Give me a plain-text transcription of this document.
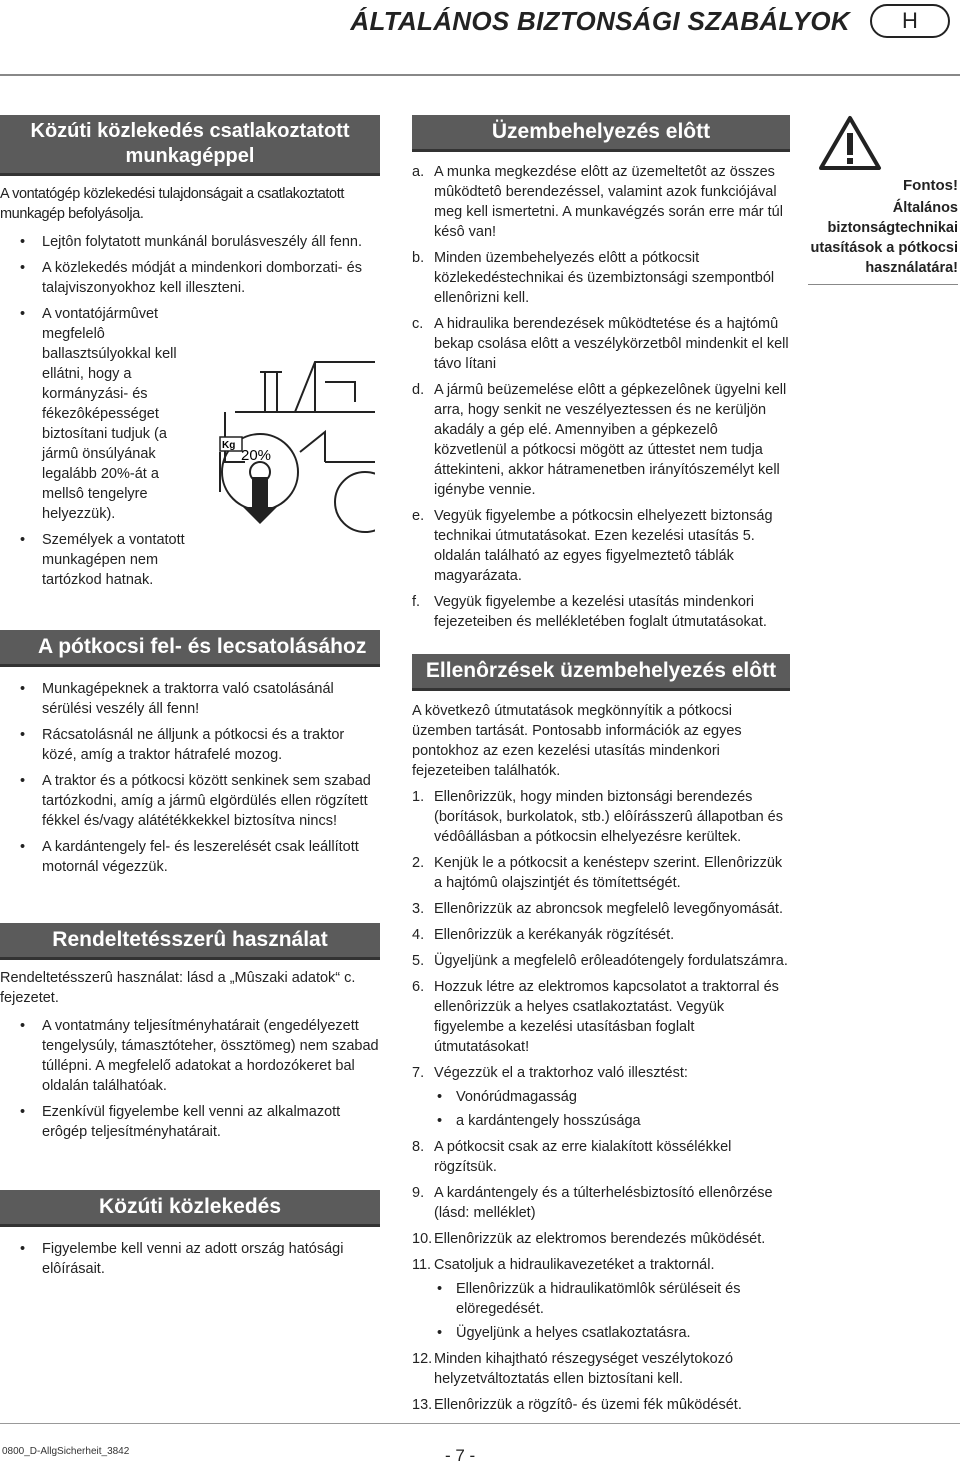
ÁLTALÁNOS BIZTONSÁGI SZABÁLYOK	H
Közúti közlekedés csatlakoztatott munkagéppel

A vontatógép közlekedési tulajdonságait a csatlakoztatott munkagép befolyásolja.

• Lejtôn folytatott munkánál borulásveszély áll fenn.
• A közlekedés módját a mindenkori domborzati- és talajviszonyokhoz kell illeszteni.
• A vontatójármûvet megfelelô ballasztsúlyokkal kell ellátni, hogy a kormányzási- és fékezôképességet biztosítani tudjuk (a jármû önsúlyának legalább 20%-át a mellsô tengelyre helyezzük).
• Személyek a vontatott munkagépen nem tartózkod hatnak.
Kg
20%
A pótkocsi fel- és lecsatolásához
• Munkagépeknek a traktorra való csatolásánál sérülési veszély áll fenn!
• Rácsatolásnál ne álljunk a pótkocsi és a traktor közé, amíg a traktor hátrafelé mozog.
• A traktor és a pótkocsi között senkinek sem szabad tartózkodni, amíg a jármû elgördülés ellen rögzített fékkel és/vagy alátétékkekkel biztosítva nincs!
• A kardántengely fel- és leszerelését csak leállított motornál végezzük.
Rendeltetésszerû használat

Rendeltetésszerû használat: lásd a „Mûszaki adatok“ c. fejezetet.

• A vontatmány teljesítményhatárait (engedélyezett tengelysúly, támasztóteher, össztömeg) nem szabad túllépni. A megfelelő adatokat a hordozókeret bal oldalán találhatóak.
• Ezenkívül figyelembe kell venni az alkalmazott erôgép teljesítményhatárait.
Közúti közlekedés
• Figyelembe kell venni az adott ország hatósági elôírásait.
Üzembehelyezés elôtt
a. A munka megkezdése elôtt az üzemeltetôt az összes mûködtetô berendezéssel, valamint azok funkciójával meg kell ismertetni. A munkavégzés során erre már túl késô van!
b. Minden üzembehelyezés elôtt a pótkocsit közlekedéstechnikai és üzembiztonsági szempontból ellenôrizni kell.
c. A hidraulika berendezések mûködtetése és a hajtómû bekap csolása elôtt a veszélykörzetbôl mindenkit el kell távo lítani
d. A jármû beüzemelése elôtt a gépkezelônek ügyelni kell arra, hogy senkit ne veszélyeztessen és ne kerüljön akadály a gép elé. Amennyiben a gépkezelô közvetlenül a pótkocsi mögött az úttestet nem tudja áttekinteni, akkor hátramenetben irányítószemélyt kell igénybe vennie.
e. Vegyük figyelembe a pótkocsin elhelyezett biztonság technikai útmutatásokat. Ezen kezelési utasítás 5. oldalán található az egyes figyelmeztetô táblák magyarázata.
f. Vegyük figyelembe a kezelési utasítás mindenkori fejezeteiben és mellékletében foglalt útmutatásokat.
Ellenôrzések üzembehelyezés elôtt

A következô útmutatások megkönnyítik a pótkocsi üzemben tartását. Pontosabb információk az egyes pontokhoz az ezen kezelési utasítás mindenkori fejezeteiben találhatók.

1. Ellenôrizzük, hogy minden biztonsági berendezés (borítások, burkolatok, stb.) elôírásszerû állapotban és védôállásban a pótkocsin elhelyezésre kerültek.
2. Kenjük le a pótkocsit a kenéstерv szerint. Ellenôrizzük a hajtómû olajszintjét és tömítettségét.
3. Ellenôrizzük az abroncsok megfelelô levegőnyomását.
4. Ellenôrizzük a kerékanyák rögzítését.
5. Ügyeljünk a megfelelô erôleadótengely fordulatszámra.
6. Hozzuk létre az elektromos kapcsolatot a traktorral és ellenôrizzük a helyes csatlakoztatást. Vegyük figyelembe a kezelési utasításban foglalt útmutatásokat!
7. Végezzük el a traktorhoz való illesztést:
• Vonórúdmagasság
• a kardántengely hosszúsága
8. A pótkocsit csak az erre kialakított kössélékkel rögzítsük.
9. A kardántengely és a túlterhelésbiztosító ellenôrzése (lásd: melléklet)
10. Ellenôrizzük az elektromos berendezés mûködését.
11. Csatoljuk a hidraulikavezetéket a traktornál.
• Ellenôrizzük a hidraulikatömlôk sérüléseit és elöregedését.
• Ügyeljünk a helyes csatlakoztatásra.
12. Minden kihajtható részegységet veszélytokozó helyzetváltoztatás ellen biztosítani kell.
13. Ellenôrizzük a rögzítô- és üzemi fék mûködését.
Fontos!
Általános biztonságtechnikai utasítások a pótkocsi használatára!
0800_D-AllgSicherheit_3842	- 7 -
